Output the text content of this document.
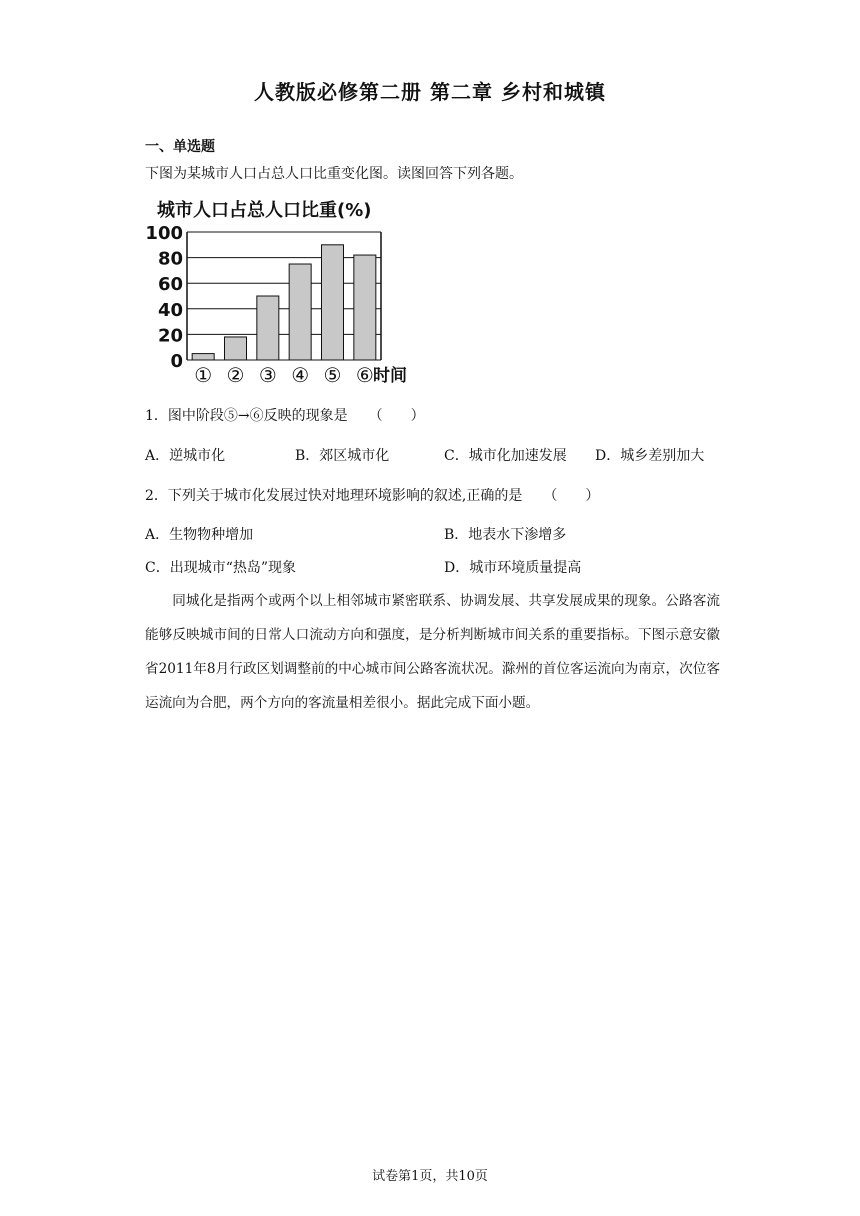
人教版必修第二册 第二章 乡村和城镇
一、单选题
下图为某城市人口占总人口比重变化图。读图回答下列各题。
城市人口占总人口比重(%)
0
20
40
60
80
100
① ② ③ ④ ⑤ ⑥ 时间
1．图中阶段⑤→⑥反映的现象是　　（　　）
A．逆城市化	B．郊区城市化	C．城市化加速发展 D．城乡差别加大
2．下列关于城市化发展过快对地理环境影响的叙述,正确的是　　（　　）
A．生物物种增加	B．地表水下渗增多
C．出现城市“热岛”现象	D．城市环境质量提高

同城化是指两个或两个以上相邻城市紧密联系、协调发展、共享发展成果的现象。公路客流能够反映城市间的日常人口流动方向和强度，是分析判断城市间关系的重要指标。下图示意安徽省2011年8月行政区划调整前的中心城市间公路客流状况。滁州的首位客运流向为南京，次位客运流向为合肥，两个方向的客流量相差很小。据此完成下面小题。

试卷第1页，共10页
